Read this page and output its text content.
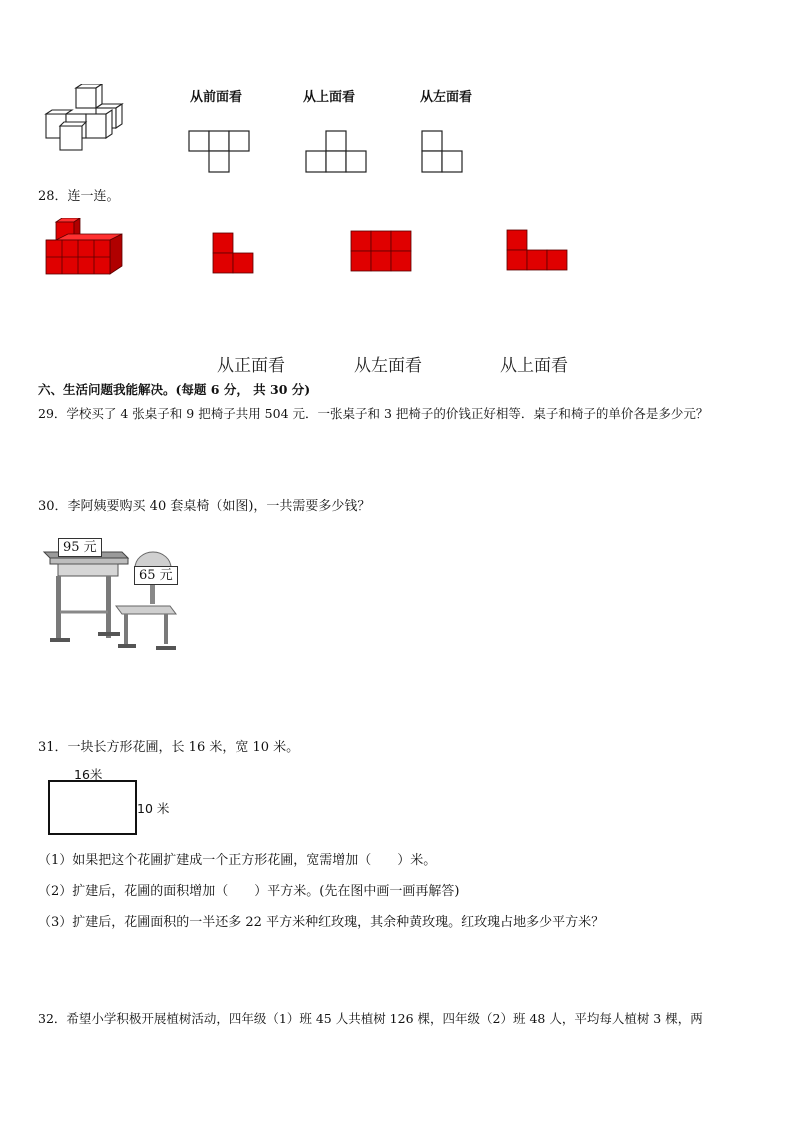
从前面看	从上面看	从左面看
28．连一连。
从正面看	从左面看	从上面看
六、生活问题我能解决。(每题 6 分， 共 30 分)
29．学校买了 4 张桌子和 9 把椅子共用 504 元．一张桌子和 3 把椅子的价钱正好相等．桌子和椅子的单价各是多少元？
30．李阿姨要购买 40 套桌椅（如图)，一共需要多少钱？
95 元
65 元
31．一块长方形花圃，长 16 米，宽 10 米。
16米
10 米
（1）如果把这个花圃扩建成一个正方形花圃，宽需增加（　　）米。
（2）扩建后，花圃的面积增加（　　）平方米。(先在图中画一画再解答)
（3）扩建后，花圃面积的一半还多 22 平方米种红玫瑰，其余种黄玫瑰。红玫瑰占地多少平方米？
32．希望小学积极开展植树活动，四年级（1）班 45 人共植树 126 棵，四年级（2）班 48 人，平均每人植树 3 棵，两
